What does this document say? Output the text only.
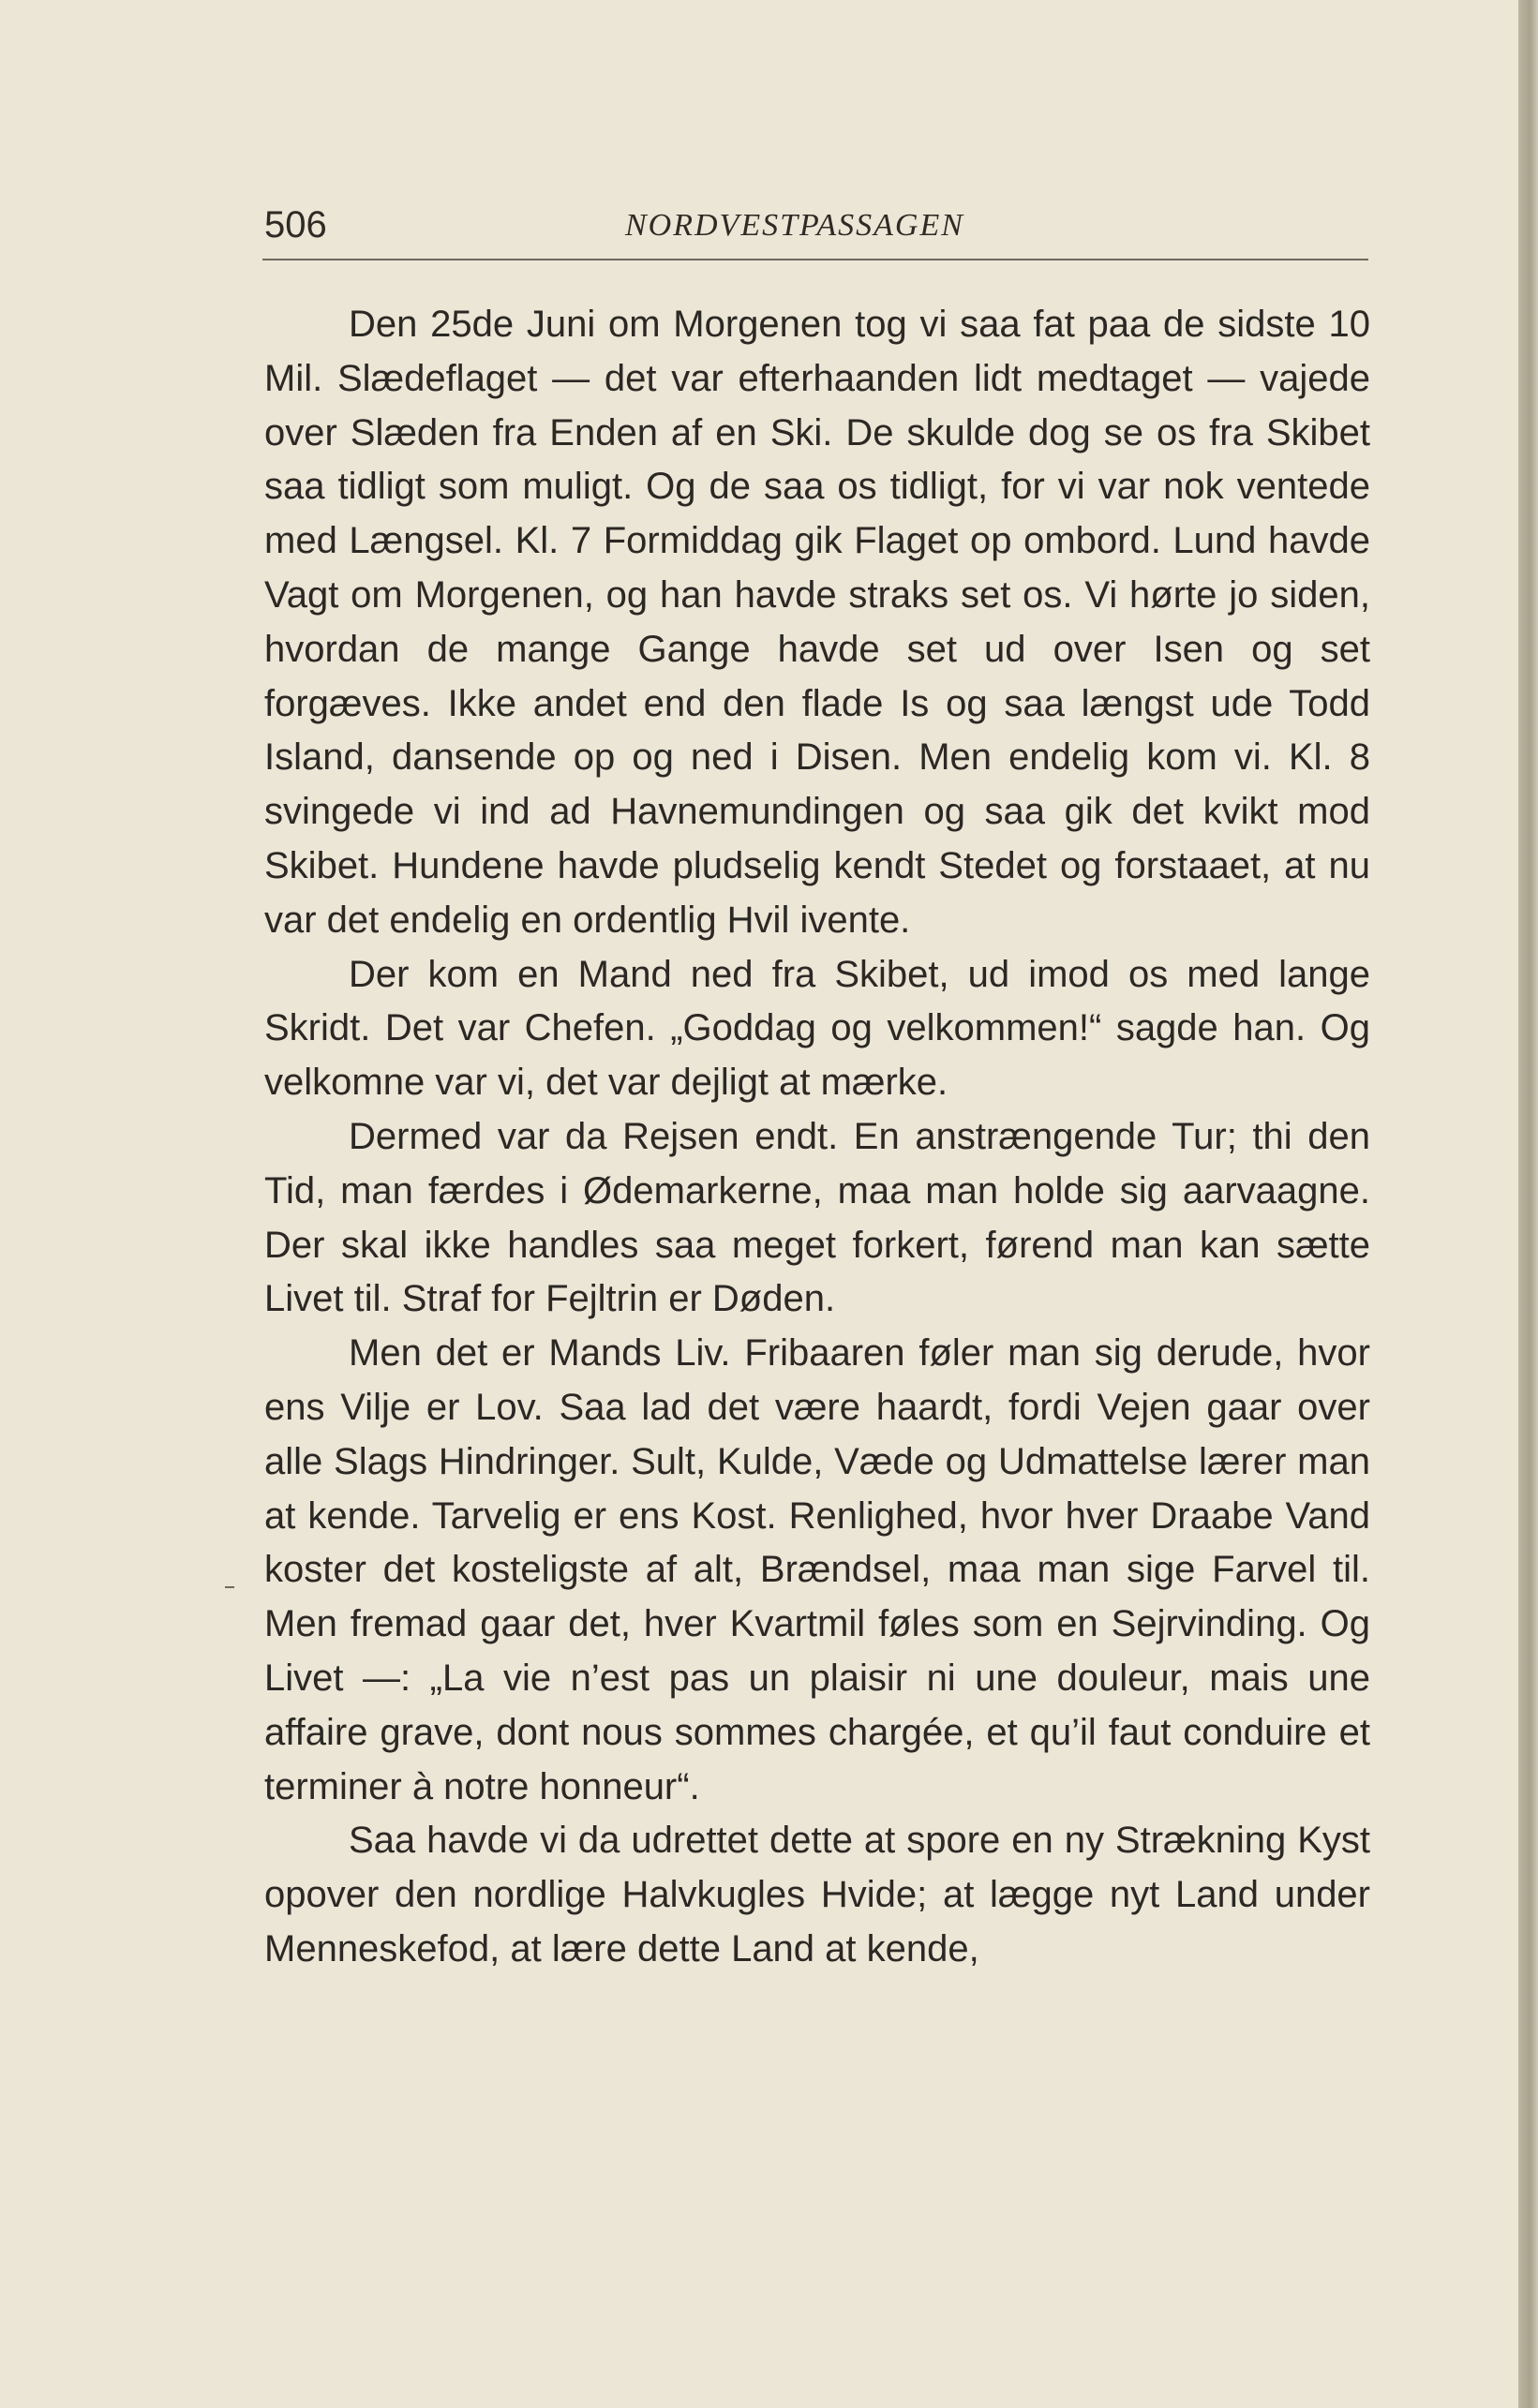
506	NORDVESTPASSAGEN

Den 25de Juni om Morgenen tog vi saa fat paa de sidste 10 Mil. Slædeflaget — det var efterhaanden lidt medtaget — vajede over Slæden fra Enden af en Ski. De skulde dog se os fra Skibet saa tidligt som muligt. Og de saa os tidligt, for vi var nok ventede med Længsel. Kl. 7 Formiddag gik Flaget op ombord. Lund havde Vagt om Morgenen, og han havde straks set os. Vi hørte jo siden, hvordan de mange Gange havde set ud over Isen og set forgæves. Ikke andet end den flade Is og saa længst ude Todd Island, dansende op og ned i Disen. Men endelig kom vi. Kl. 8 svingede vi ind ad Havnemundingen og saa gik det kvikt mod Skibet. Hundene havde pludselig kendt Stedet og forstaaet, at nu var det endelig en ordentlig Hvil ivente.

Der kom en Mand ned fra Skibet, ud imod os med lange Skridt. Det var Chefen. „Goddag og velkommen!“ sagde han. Og velkomne var vi, det var dejligt at mærke.

Dermed var da Rejsen endt. En anstrængende Tur; thi den Tid, man færdes i Ødemarkerne, maa man holde sig aarvaagne. Der skal ikke handles saa meget forkert, førend man kan sætte Livet til. Straf for Fejltrin er Døden.

Men det er Mands Liv. Fribaaren føler man sig derude, hvor ens Vilje er Lov. Saa lad det være haardt, fordi Vejen gaar over alle Slags Hindringer. Sult, Kulde, Væde og Udmattelse lærer man at kende. Tarvelig er ens Kost. Renlighed, hvor hver Draabe Vand koster det kosteligste af alt, Brændsel, maa man sige Farvel til. Men fremad gaar det, hver Kvartmil føles som en Sejrvinding. Og Livet —: „La vie n’est pas un plaisir ni une douleur, mais une affaire grave, dont nous sommes chargée, et qu’il faut conduire et terminer à notre honneur“.

Saa havde vi da udrettet dette at spore en ny Strækning Kyst opover den nordlige Halvkugles Hvide; at lægge nyt Land under Menneskefod, at lære dette Land at kende,
